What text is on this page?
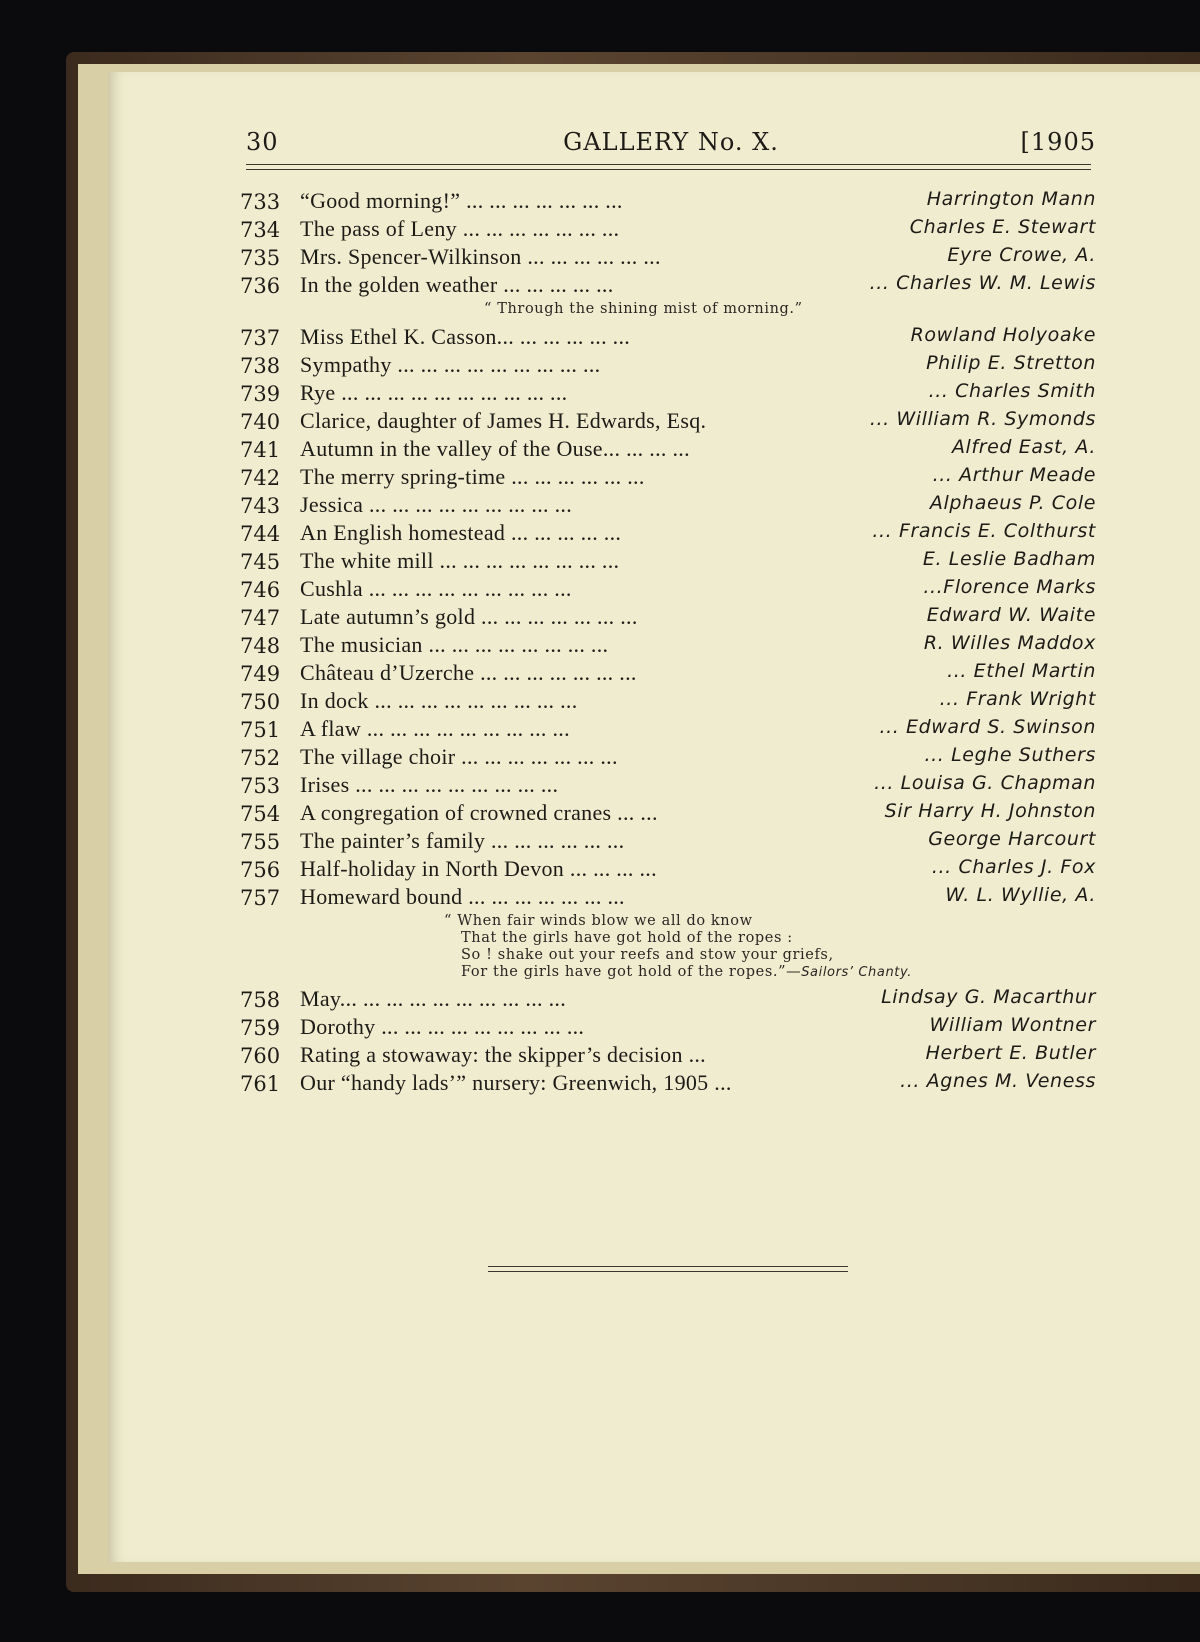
30	GALLERY No. X.	[1905
733 “Good morning!” ... ... ... ... ... ... ...	Harrington Mann
734 The pass of Leny ... ... ... ... ... ... ...	Charles E. Stewart
735 Mrs. Spencer-Wilkinson ... ... ... ... ... ...	Eyre Crowe, A.
736 In the golden weather ... ... ... ... ...	... Charles W. M. Lewis
737 Miss Ethel K. Casson... ... ... ... ... ...	Rowland Holyoake
738 Sympathy ... ... ... ... ... ... ... ... ...	Philip E. Stretton
739 Rye ... ... ... ... ... ... ... ... ... ...	... Charles Smith
740 Clarice, daughter of James H. Edwards, Esq.	... William R. Symonds
741 Autumn in the valley of the Ouse... ... ... ...	Alfred East, A.
742 The merry spring-time ... ... ... ... ... ...	... Arthur Meade
743 Jessica ... ... ... ... ... ... ... ... ...	Alphaeus P. Cole
744 An English homestead ... ... ... ... ...	... Francis E. Colthurst
745 The white mill ... ... ... ... ... ... ... ...	E. Leslie Badham
746 Cushla ... ... ... ... ... ... ... ... ...	...Florence Marks
747 Late autumn’s gold ... ... ... ... ... ... ...	Edward W. Waite
748 The musician ... ... ... ... ... ... ... ...	R. Willes Maddox
749 Château d’Uzerche ... ... ... ... ... ... ...	... Ethel Martin
750 In dock ... ... ... ... ... ... ... ... ...	... Frank Wright
751 A flaw ... ... ... ... ... ... ... ... ...	... Edward S. Swinson
752 The village choir ... ... ... ... ... ... ...	... Leghe Suthers
753 Irises ... ... ... ... ... ... ... ... ...	... Louisa G. Chapman
754 A congregation of crowned cranes ... ...	Sir Harry H. Johnston
755 The painter’s family ... ... ... ... ... ...	George Harcourt
756 Half-holiday in North Devon ... ... ... ...	... Charles J. Fox
757 Homeward bound ... ... ... ... ... ... ...	W. L. Wyllie, A.
758 May... ... ... ... ... ... ... ... ... ...	Lindsay G. Macarthur
759 Dorothy ... ... ... ... ... ... ... ... ...	William Wontner
760 Rating a stowaway: the skipper’s decision ...	Herbert E. Butler
761 Our “handy lads’” nursery: Greenwich, 1905 ...	... Agnes M. Veness
“ Through the shining mist of morning.”
“ When fair winds blow we all do know
That the girls have got hold of the ropes :
So ! shake out your reefs and stow your griefs,
For the girls have got hold of the ropes.”—Sailors’ Chanty.
